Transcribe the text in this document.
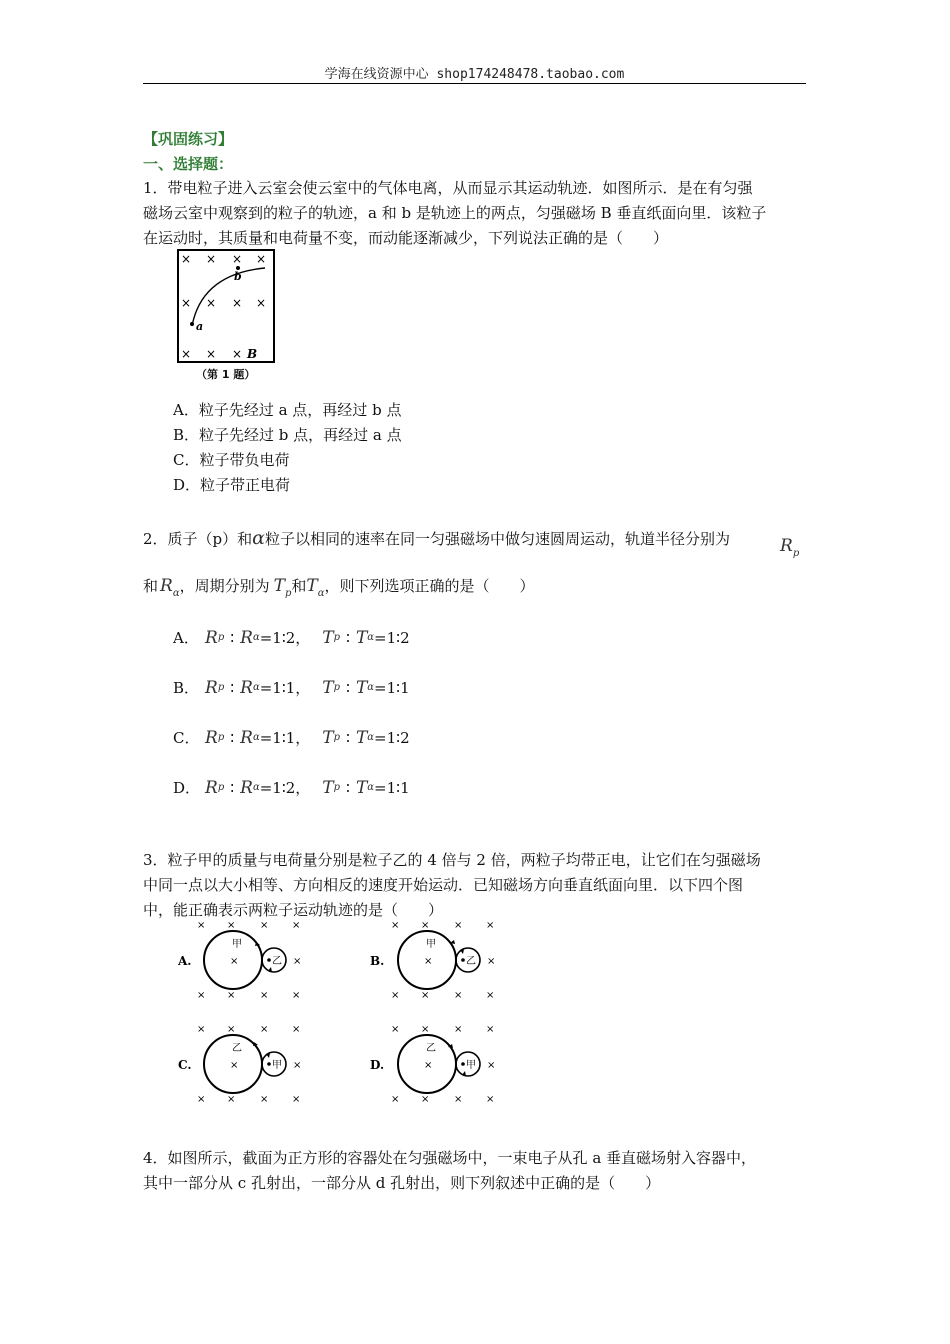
学海在线资源中心 shop174248478.taobao.com
【巩固练习】
一、选择题：
1．带电粒子进入云室会使云室中的气体电离，从而显示其运动轨迹．如图所示．是在有匀强
磁场云室中观察到的粒子的轨迹，a 和 b 是轨迹上的两点，匀强磁场 B 垂直纸面向里．该粒子
在运动时，其质量和电荷量不变，而动能逐渐减少，下列说法正确的是（　　）
× × × ×
× × × ×
× × ×
a
b
B
（第 1 题）
A．粒子先经过 a 点，再经过 b 点
B．粒子先经过 b 点，再经过 a 点
C．粒子带负电荷
D．粒子带正电荷
2．质子（p）和α粒子以相同的速率在同一匀强磁场中做匀速圆周运动，轨道半径分别为	$R_p$
和 $R_\alpha$，周期分别为 $T_p$和$T_\alpha$，则下列选项正确的是（　　）
A． Rp ∶ Rα=1∶2， Tp ∶ Tα=1∶2
B． Rp ∶ Rα=1∶1， Tp ∶ Tα=1∶1
C． Rp ∶ Rα=1∶1， Tp ∶ Tα=1∶2
D． Rp ∶ Rα=1∶2， Tp ∶ Tα=1∶1
3．粒子甲的质量与电荷量分别是粒子乙的 4 倍与 2 倍，两粒子均带正电，让它们在匀强磁场
中同一点以大小相等、方向相反的速度开始运动．已知磁场方向垂直纸面向里．以下四个图
中，能正确表示两粒子运动轨迹的是（　　）
× × × ×
×
× × × ×
×
A.
甲
乙
× × × ×
×
× × × ×
×
B.
甲
乙
× × × ×
×
× × × ×
×
C.
乙
甲
× × × ×
×
× × × ×
×
D.
乙
甲
4．如图所示，截面为正方形的容器处在匀强磁场中，一束电子从孔 a 垂直磁场射入容器中，
其中一部分从 c 孔射出，一部分从 d 孔射出，则下列叙述中正确的是（　　）
